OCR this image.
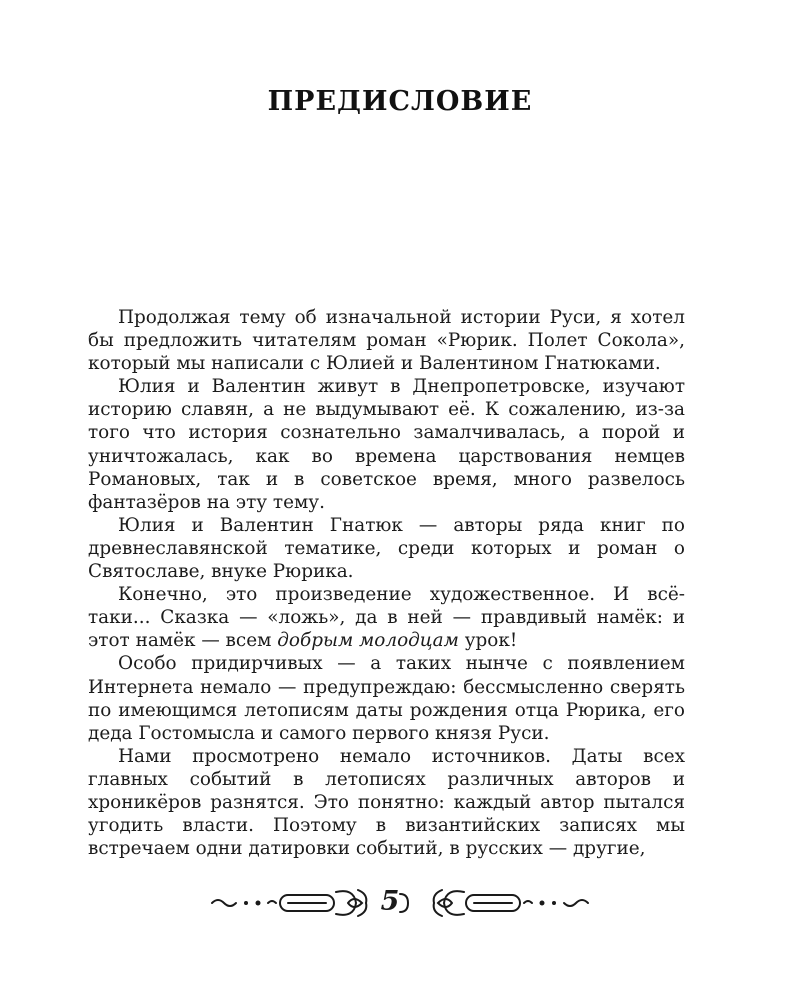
ПРЕДИСЛОВИЕ

Продолжая тему об изначальной истории Руси, я хотел бы предложить читателям роман «Рюрик. Полет Сокола», который мы написали с Юлией и Валентином Гнатюками.

Юлия и Валентин живут в Днепропетровске, изучают историю славян, а не выдумывают её. К сожалению, из-за того что история сознательно замалчивалась, а порой и уничтожалась, как во времена царствования немцев Романовых, так и в советское время, много развелось фантазёров на эту тему.

Юлия и Валентин Гнатюк — авторы ряда книг по древнеславянской тематике, среди которых и роман о Святославе, внуке Рюрика.

Конечно, это произведение художественное. И всё-таки... Сказка — «ложь», да в ней — правдивый намёк: и этот намёк — всем добрым молодцам урок!

Особо придирчивых — а таких нынче с появлением Интернета немало — предупреждаю: бессмысленно сверять по имеющимся летописям даты рождения отца Рюрика, его деда Гостомысла и самого первого князя Руси.

Нами просмотрено немало источников. Даты всех главных событий в летописях различных авторов и хроникёров разнятся. Это понятно: каждый автор пытался угодить власти. Поэтому в византийских записях мы встречаем одни датировки событий, в русских — другие,

5
